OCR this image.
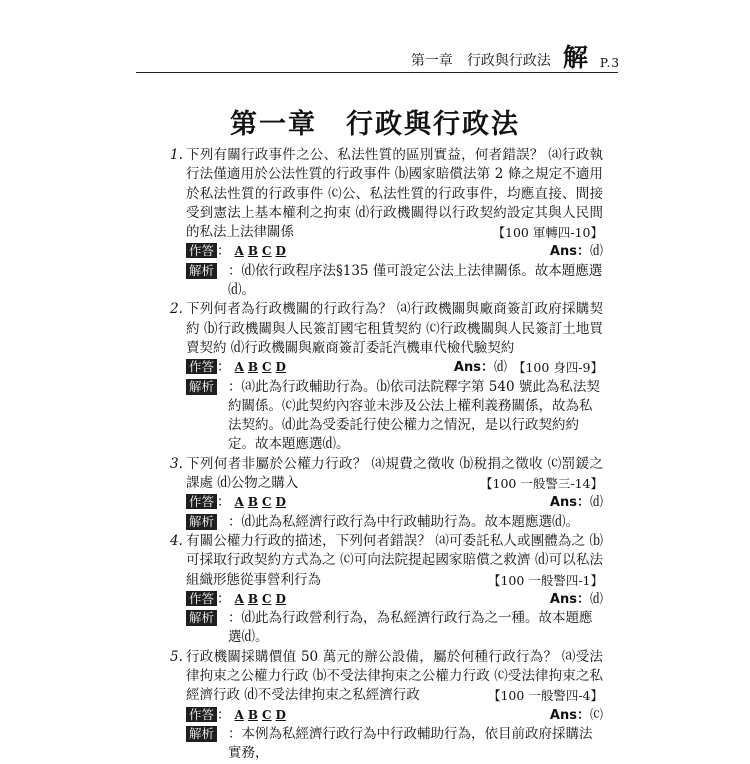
第一章　行政與行政法 解 P.3
第一章　行政與行政法
1. 下列有關行政事件之公、私法性質的區別實益，何者錯誤？ ⒜行政執行法僅適用於公法性質的行政事件 ⒝國家賠償法第 2 條之規定不適用於私法性質的行政事件 ⒞公、私法性質的行政事件，均應直接、間接受到憲法上基本權利之拘束 ⒟行政機關得以行政契約設定其與人民間的私法上法律關係	【100 軍轉四-10】
作答 ： A B C D	Ans：⒟
解析 ：⒟依行政程序法§135 僅可設定公法上法律關係。故本題應選⒟。
2. 下列何者為行政機關的行政行為？ ⒜行政機關與廠商簽訂政府採購契約 ⒝行政機關與人民簽訂國宅租賃契約 ⒞行政機關與人民簽訂土地買賣契約 ⒟行政機關與廠商簽訂委託汽機車代檢代驗契約
【100 身四-9】
作答 ： A B C D	Ans：⒟
解析 ：⒜此為行政輔助行為。⒝依司法院釋字第 540 號此為私法契約關係。⒞此契約內容並未涉及公法上權利義務關係，故為私法契約。⒟此為受委託行使公權力之情況，是以行政契約約定。故本題應選⒟。
3. 下列何者非屬於公權力行政？ ⒜規費之徵收 ⒝稅捐之徵收 ⒞罰鍰之課處 ⒟公物之購入	【100 一般警三-14】
作答 ： A B C D	Ans：⒟
解析 ：⒟此為私經濟行政行為中行政輔助行為。故本題應選⒟。
4. 有關公權力行政的描述，下列何者錯誤？ ⒜可委託私人或團體為之 ⒝可採取行政契約方式為之 ⒞可向法院提起國家賠償之救濟 ⒟可以私法組織形態從事營利行為	【100 一般警四-1】
作答 ： A B C D	Ans：⒟
解析 ：⒟此為行政營利行為，為私經濟行政行為之一種。故本題應選⒟。
5. 行政機關採購價值 50 萬元的辦公設備，屬於何種行政行為？ ⒜受法律拘束之公權力行政 ⒝不受法律拘束之公權力行政 ⒞受法律拘束之私經濟行政 ⒟不受法律拘束之私經濟行政	【100 一般警四-4】
作答 ： A B C D	Ans：⒞
解析 ：本例為私經濟行政行為中行政輔助行為，依目前政府採購法實務，
